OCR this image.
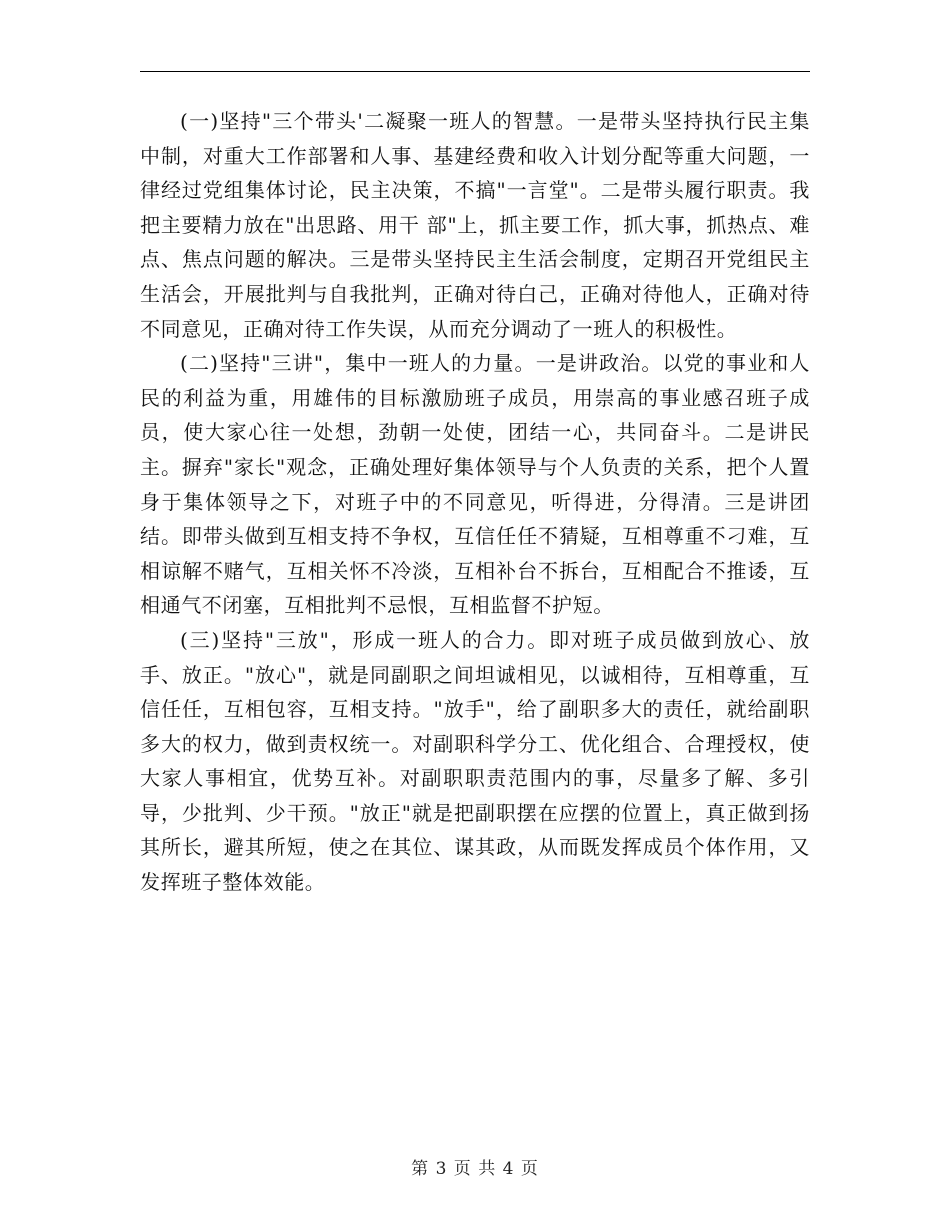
(一)坚持"三个带头'二凝聚一班人的智慧。一是带头坚持执行民主集中制，对重大工作部署和人事、基建经费和收入计划分配等重大问题，一律经过党组集体讨论，民主决策，不搞"一言堂"。二是带头履行职责。我把主要精力放在"出思路、用干 部"上，抓主要工作，抓大事，抓热点、难点、焦点问题的解决。三是带头坚持民主生活会制度，定期召开党组民主生活会，开展批判与自我批判，正确对待白己，正确对待他人，正确对待不同意见，正确对待工作失误，从而充分调动了一班人的积极性。

(二)坚持"三讲"，集中一班人的力量。一是讲政治。以党的事业和人民的利益为重，用雄伟的目标激励班子成员，用崇高的事业感召班子成员，使大家心往一处想，劲朝一处使，团结一心，共同奋斗。二是讲民主。摒弃"家长"观念，正确处理好集体领导与个人负责的关系，把个人置身于集体领导之下，对班子中的不同意见，听得进，分得清。三是讲团结。即带头做到互相支持不争权，互信任任不猜疑，互相尊重不刁难，互相谅解不赌气，互相关怀不冷淡，互相补台不拆台，互相配合不推诿，互相通气不闭塞，互相批判不忌恨，互相监督不护短。

(三)坚持"三放"，形成一班人的合力。即对班子成员做到放心、放手、放正。"放心"，就是同副职之间坦诚相见，以诚相待，互相尊重，互信任任，互相包容，互相支持。"放手"，给了副职多大的责任，就给副职多大的权力，做到责权统一。对副职科学分工、优化组合、合理授权，使大家人事相宜，优势互补。对副职职责范围内的事，尽量多了解、多引导，少批判、少干预。"放正"就是把副职摆在应摆的位置上，真正做到扬其所长，避其所短，使之在其位、谋其政，从而既发挥成员个体作用，又发挥班子整体效能。

第 3 页 共 4 页
